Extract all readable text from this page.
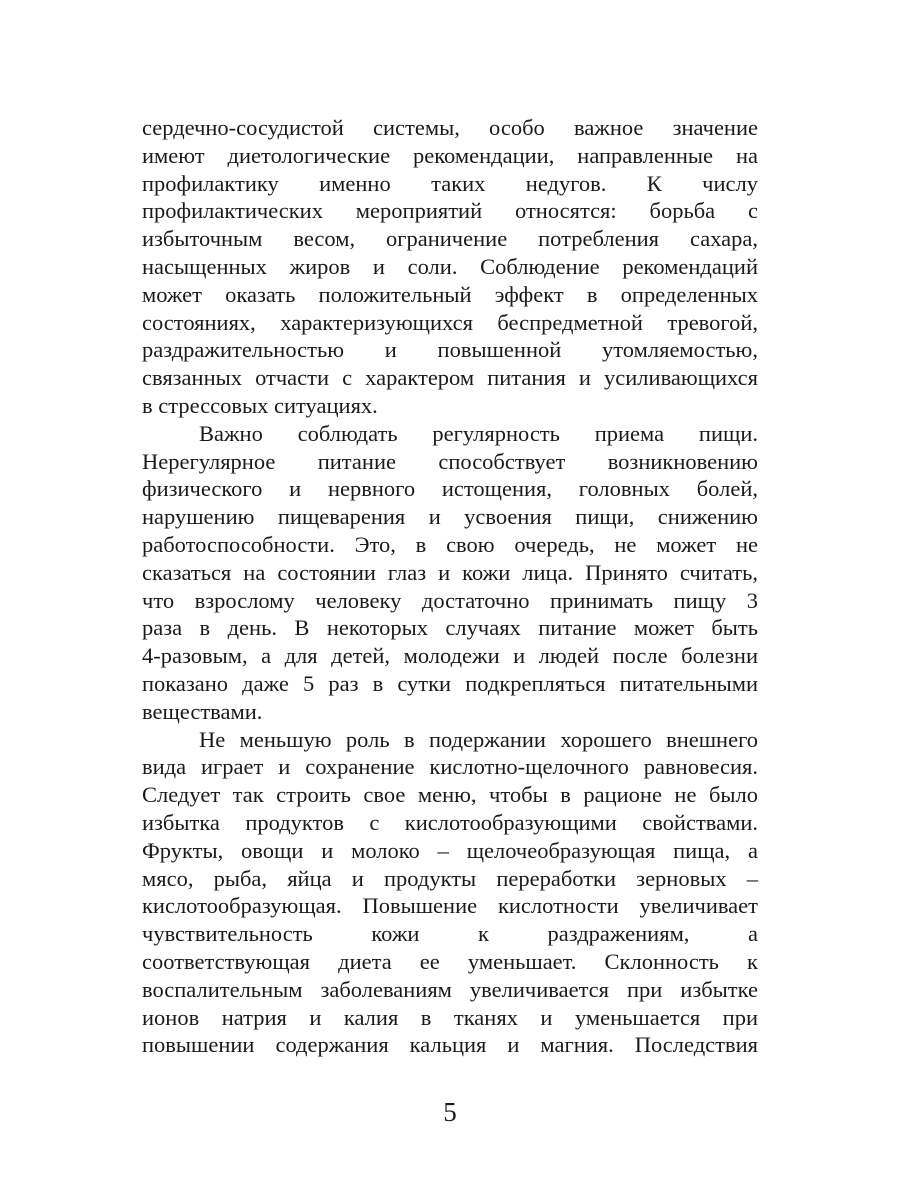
сердечно-сосудистой системы, особо важное значение
имеют диетологические рекомендации, направленные на
профилактику именно таких недугов. К числу
профилактических мероприятий относятся: борьба с
избыточным весом, ограничение потребления сахара,
насыщенных жиров и соли. Соблюдение рекомендаций
может оказать положительный эффект в определенных
состояниях, характеризующихся беспредметной тревогой,
раздражительностью и повышенной утомляемостью,
связанных отчасти с характером питания и усиливающихся
в стрессовых ситуациях.
Важно соблюдать регулярность приема пищи.
Нерегулярное питание способствует возникновению
физического и нервного истощения, головных болей,
нарушению пищеварения и усвоения пищи, снижению
работоспособности. Это, в свою очередь, не может не
сказаться на состоянии глаз и кожи лица. Принято считать,
что взрослому человеку достаточно принимать пищу 3
раза в день. В некоторых случаях питание может быть
4-разовым, а для детей, молодежи и людей после болезни
показано даже 5 раз в сутки подкрепляться питательными
веществами.
Не меньшую роль в подержании хорошего внешнего
вида играет и сохранение кислотно-щелочного равновесия.
Следует так строить свое меню, чтобы в рационе не было
избытка продуктов с кислотообразующими свойствами.
Фрукты, овощи и молоко – щелочеобразующая пища, а
мясо, рыба, яйца и продукты переработки зерновых –
кислотообразующая. Повышение кислотности увеличивает
чувствительность кожи к раздражениям, а
соответствующая диета ее уменьшает. Склонность к
воспалительным заболеваниям увеличивается при избытке
ионов натрия и калия в тканях и уменьшается при
повышении содержания кальция и магния. Последствия
5
